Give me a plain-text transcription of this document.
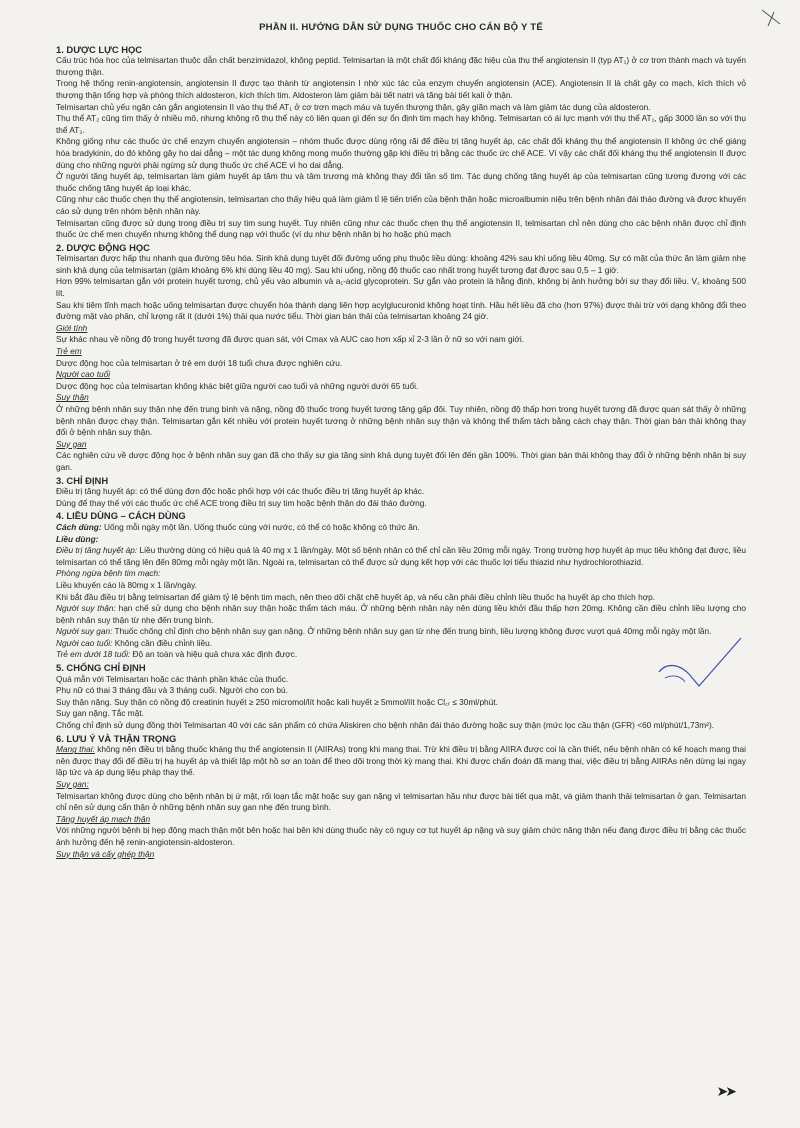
PHẦN II. HƯỚNG DẪN SỬ DỤNG THUỐC CHO CÁN BỘ Y TẾ
1. DƯỢC LỰC HỌC

Cấu trúc hóa học của telmisartan thuộc dẫn chất benzimidazol, không peptid. Telmisartan là một chất đối kháng đặc hiệu của thụ thể angiotensin II (typ AT₁) ở cơ trơn thành mạch và tuyến thượng thận.

Trong hệ thống renin-angiotensin, angiotensin II được tạo thành từ angiotensin I nhờ xúc tác của enzym chuyển angiotensin (ACE). Angiotensin II là chất gây co mạch, kích thích vỏ thượng thận tổng hợp và phóng thích aldosteron, kích thích tim. Aldosteron làm giảm bài tiết natri và tăng bài tiết kali ở thận.

Telmisartan chủ yếu ngăn cản gắn angiotensin II vào thụ thể AT₁ ở cơ trơn mạch máu và tuyến thượng thận, gây giãn mạch và làm giảm tác dụng của aldosteron.

Thụ thể AT₂ cũng tìm thấy ở nhiều mô, nhưng không rõ thụ thể này có liên quan gì đến sự ổn định tim mạch hay không. Telmisartan có ái lực mạnh với thụ thể AT₁, gấp 3000 lần so với thụ thể AT₂.

Không giống như các thuốc ức chế enzym chuyển angiotensin – nhóm thuốc được dùng rộng rãi để điều trị tăng huyết áp, các chất đối kháng thụ thể angiotensin II không ức chế giáng hóa bradykinin, do đó không gây ho dai dẳng – một tác dụng không mong muốn thường gặp khi điều trị bằng các thuốc ức chế ACE. Vì vậy các chất đối kháng thụ thể angiotensin II được dùng cho những người phải ngừng sử dụng thuốc ức chế ACE vì ho dai dẳng.

Ở người tăng huyết áp, telmisartan làm giảm huyết áp tâm thu và tâm trương mà không thay đổi tần số tim. Tác dụng chống tăng huyết áp của telmisartan cũng tương đương với các thuốc chống tăng huyết áp loại khác.

Cũng như các thuốc chẹn thụ thể angiotensin, telmisartan cho thấy hiệu quả làm giảm tỉ lệ tiến triển của bệnh thận hoặc microalbumin niệu trên bệnh nhân đái tháo đường và được khuyến cáo sử dụng trên nhóm bệnh nhân này.

Telmisartan cũng được sử dụng trong điều trị suy tim sung huyết. Tuy nhiên cũng như các thuốc chẹn thụ thể angiotensin II, telmisartan chỉ nên dùng cho các bệnh nhân được chỉ định thuốc ức chế men chuyển nhưng không thể dung nạp với thuốc (ví dụ như bệnh nhân bị ho hoặc phù mạch

2. DƯỢC ĐỘNG HỌC

Telmisartan được hấp thu nhanh qua đường tiêu hóa. Sinh khả dụng tuyệt đối đường uống phụ thuộc liều dùng: khoảng 42% sau khi uống liều 40mg. Sự có mặt của thức ăn làm giảm nhẹ sinh khả dụng của telmisartan (giảm khoảng 6% khi dùng liều 40 mg). Sau khi uống, nồng độ thuốc cao nhất trong huyết tương đạt được sau 0,5 – 1 giờ.

Hơn 99% telmisartan gắn với protein huyết tương, chủ yếu vào albumin và a₁-acid glycoprotein. Sự gắn vào protein là hằng định, không bị ảnh hưởng bởi sự thay đổi liều. V꜀ khoảng 500 lít.

Sau khi tiêm tĩnh mạch hoặc uống telmisartan được chuyển hóa thành dạng liên hợp acylglucuronid không hoạt tính. Hầu hết liều đã cho (hơn 97%) được thải trừ với dạng không đổi theo đường mật vào phân, chỉ lượng rất ít (dưới 1%) thải qua nước tiểu. Thời gian bán thải của telmisartan khoảng 24 giờ.

Giới tính

Sự khác nhau về nồng độ trong huyết tương đã được quan sát, với Cmax và AUC cao hơn xấp xỉ 2-3 lần ở nữ so với nam giới.

Trẻ em

Dược động học của telmisartan ở trẻ em dưới 18 tuổi chưa được nghiên cứu.

Người cao tuổi

Dược động học của telmisartan không khác biệt giữa người cao tuổi và những người dưới 65 tuổi.

Suy thận

Ở những bệnh nhân suy thận nhẹ đến trung bình và nặng, nồng độ thuốc trong huyết tương tăng gấp đôi. Tuy nhiên, nồng độ thấp hơn trong huyết tương đã được quan sát thấy ở những bệnh nhân được chạy thận. Telmisartan gắn kết nhiều với protein huyết tương ở những bệnh nhân suy thận và không thể thẩm tách bằng cách chạy thận. Thời gian bán thải không thay đổi ở bệnh nhân suy thận.

Suy gan

Các nghiên cứu về dược động học ở bệnh nhân suy gan đã cho thấy sự gia tăng sinh khả dụng tuyệt đối lên đến gần 100%. Thời gian bán thải không thay đổi ở những bệnh nhân bị suy gan.

3. CHỈ ĐỊNH

Điều trị tăng huyết áp: có thể dùng đơn độc hoặc phối hợp với các thuốc điều trị tăng huyết áp khác.

Dùng để thay thế với các thuốc ức chế ACE trong điều trị suy tim hoặc bệnh thận do đái tháo đường.

4. LIỀU DÙNG – CÁCH DÙNG

Cách dùng: Uống mỗi ngày một lần. Uống thuốc cùng với nước, có thể có hoặc không có thức ăn.

Liều dùng:

Điều trị tăng huyết áp: Liều thường dùng có hiệu quả là 40 mg x 1 lần/ngày. Một số bệnh nhân có thể chỉ cần liều 20mg mỗi ngày. Trong trường hợp huyết áp mục tiêu không đạt được, liều telmisartan có thể tăng lên đến 80mg mỗi ngày một lần. Ngoài ra, telmisartan có thể được sử dụng kết hợp với các thuốc lợi tiểu thiazid như hydrochlorothiazid.

Phòng ngừa bệnh tim mạch:

Liều khuyến cáo là 80mg x 1 lần/ngày.

Khi bắt đầu điều trị bằng telmisartan để giảm tỷ lệ bệnh tim mạch, nên theo dõi chặt chẽ huyết áp, và nếu cần phải điều chỉnh liều thuốc hạ huyết áp cho thích hợp.

Người suy thận: hạn chế sử dụng cho bệnh nhân suy thận hoặc thẩm tách máu. Ở những bệnh nhân này nên dùng liều khởi đầu thấp hơn 20mg. Không cần điều chỉnh liều lượng cho bệnh nhân suy thận từ nhẹ đến trung bình.

Người suy gan: Thuốc chống chỉ định cho bệnh nhân suy gan nặng. Ở những bệnh nhân suy gan từ nhẹ đến trung bình, liều lượng không được vượt quá 40mg mỗi ngày một lần.

Người cao tuổi: Không cần điều chỉnh liều.

Trẻ em dưới 18 tuổi: Độ an toàn và hiệu quả chưa xác định được.

5. CHỐNG CHỈ ĐỊNH

Quá mẫn với Telmisartan hoặc các thành phần khác của thuốc.

Phụ nữ có thai 3 tháng đầu và 3 tháng cuối. Người cho con bú.

Suy thận nặng. Suy thận có nồng độ creatinin huyết ≥ 250 micromol/lít hoặc kali huyết ≥ 5mmol/lít hoặc Cl꜀ᵣ ≤ 30ml/phút.

Suy gan nặng. Tắc mật.

Chống chỉ định sử dụng đồng thời Telmisartan 40 với các sản phẩm có chứa Aliskiren cho bệnh nhân đái tháo đường hoặc suy thận (mức lọc cầu thận (GFR) <60 ml/phút/1,73m²).

6. LƯU Ý VÀ THẬN TRỌNG

Mang thai: không nên điều trị bằng thuốc kháng thụ thể angiotensin II (AIIRAs) trong khi mang thai. Trừ khi điều trị bằng AIIRA được coi là cần thiết, nếu bệnh nhân có kế hoạch mang thai nên được thay đổi để điều trị hạ huyết áp và thiết lập một hồ sơ an toàn để theo dõi trong thời kỳ mang thai. Khi được chẩn đoán đã mang thai, việc điều trị bằng AIIRAs nên dừng lại ngay lập tức và áp dụng liệu pháp thay thế.

Suy gan:

Telmisartan không được dùng cho bệnh nhân bị ứ mật, rối loạn tắc mật hoặc suy gan nặng vì telmisartan hầu như được bài tiết qua mật, và giảm thanh thải telmisartan ở gan. Telmisartan chỉ nên sử dụng cẩn thận ở những bệnh nhân suy gan nhẹ đến trung bình.

Tăng huyết áp mạch thận

Với những người bệnh bị hẹp động mạch thận một bên hoặc hai bên khi dùng thuốc này có nguy cơ tụt huyết áp nặng và suy giảm chức năng thận nếu đang được điều trị bằng các thuốc ảnh hưởng đến hệ renin-angiotensin-aldosteron.

Suy thận và cấy ghép thận

➤➤
